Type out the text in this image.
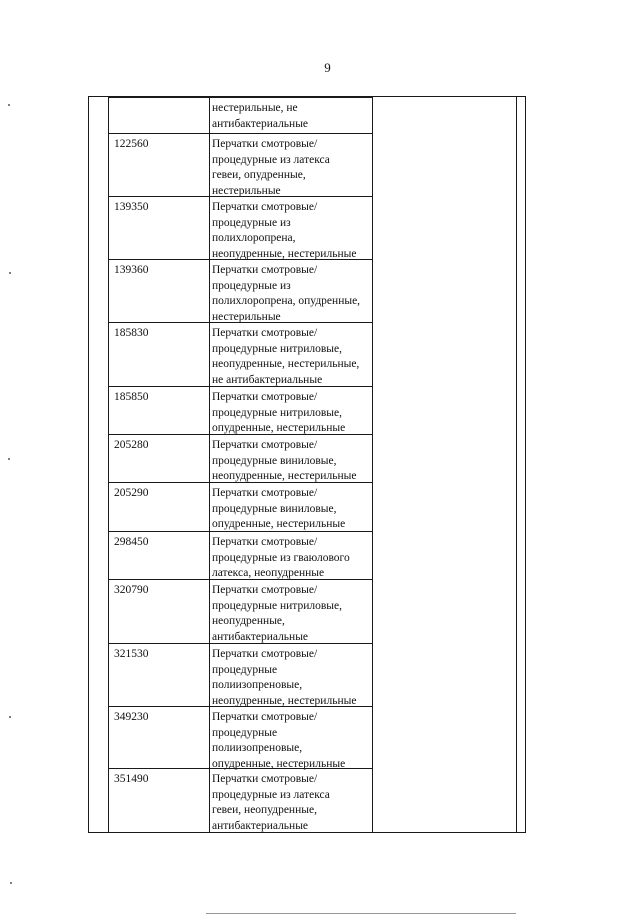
9
нестерильные, не
антибактериальные
122560	Перчатки смотровые/
процедурные из латекса
гевеи, опудренные,
нестерильные
139350	Перчатки смотровые/
процедурные из
полихлоропрена,
неопудренные, нестерильные
139360	Перчатки смотровые/
процедурные из
полихлоропрена, опудренные,
нестерильные
185830	Перчатки смотровые/
процедурные нитриловые,
неопудренные, нестерильные,
не антибактериальные
185850	Перчатки смотровые/
процедурные нитриловые,
опудренные, нестерильные
205280	Перчатки смотровые/
процедурные виниловые,
неопудренные, нестерильные
205290	Перчатки смотровые/
процедурные виниловые,
опудренные, нестерильные
298450	Перчатки смотровые/
процедурные из гваюлового
латекса, неопудренные
320790	Перчатки смотровые/
процедурные нитриловые,
неопудренные,
антибактериальные
321530	Перчатки смотровые/
процедурные
полиизопреновые,
неопудренные, нестерильные
349230	Перчатки смотровые/
процедурные
полиизопреновые,
опудренные, нестерильные
351490	Перчатки смотровые/
процедурные из латекса
гевеи, неопудренные,
антибактериальные
